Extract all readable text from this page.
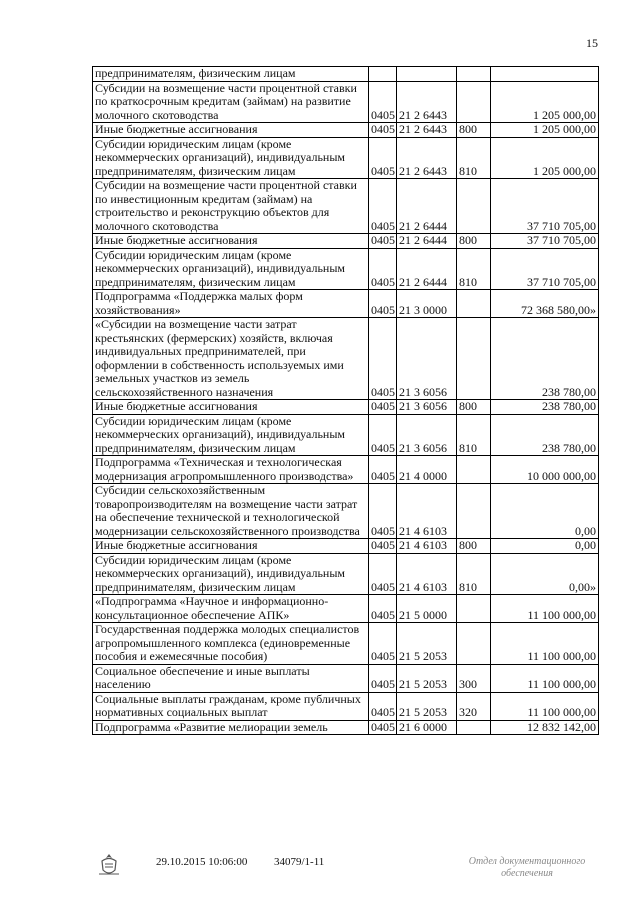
15
предпринимателям, физическим лицам				
Субсидии на возмещение части процентной ставки по краткосрочным кредитам (займам) на развитие молочного скотоводства	0405	21 2 6443		1 205 000,00
Иные бюджетные ассигнования	0405	21 2 6443	800	1 205 000,00
Субсидии юридическим лицам (кроме некоммерческих организаций), индивидуальным предпринимателям, физическим лицам	0405	21 2 6443	810	1 205 000,00
Субсидии на возмещение части процентной ставки по инвестиционным кредитам (займам) на строительство и реконструкцию объектов для молочного скотоводства	0405	21 2 6444		37 710 705,00
Иные бюджетные ассигнования	0405	21 2 6444	800	37 710 705,00
Субсидии юридическим лицам (кроме некоммерческих организаций), индивидуальным предпринимателям, физическим лицам	0405	21 2 6444	810	37 710 705,00
Подпрограмма «Поддержка малых форм хозяйствования»	0405	21 3 0000		72 368 580,00»
«Субсидии на возмещение части затрат крестьянских (фермерских) хозяйств, включая индивидуальных предпринимателей, при оформлении в собственность используемых ими земельных участков из земель сельскохозяйственного назначения	0405	21 3 6056		238 780,00
Иные бюджетные ассигнования	0405	21 3 6056	800	238 780,00
Субсидии юридическим лицам (кроме некоммерческих организаций), индивидуальным предпринимателям, физическим лицам	0405	21 3 6056	810	238 780,00
Подпрограмма «Техническая и технологическая модернизация агропромышленного производства»	0405	21 4 0000		10 000 000,00
Субсидии сельскохозяйственным товаропроизводителям на возмещение части затрат на обеспечение технической и технологической модернизации сельскохозяйственного производства	0405	21 4 6103		0,00
Иные бюджетные ассигнования	0405	21 4 6103	800	0,00
Субсидии юридическим лицам (кроме некоммерческих организаций), индивидуальным предпринимателям, физическим лицам	0405	21 4 6103	810	0,00»
«Подпрограмма «Научное и информационно-консультационное обеспечение АПК»	0405	21 5 0000		11 100 000,00
Государственная поддержка молодых специалистов агропромышленного комплекса (единовременные пособия и ежемесячные пособия)	0405	21 5 2053		11 100 000,00
Социальное обеспечение и иные выплаты населению	0405	21 5 2053	300	11 100 000,00
Социальные выплаты гражданам, кроме публичных нормативных социальных выплат	0405	21 5 2053	320	11 100 000,00
Подпрограмма «Развитие мелиорации земель	0405	21 6 0000		12 832 142,00
29.10.2015 10:06:00 34079/1-11	Отдел документационного обеспечения
